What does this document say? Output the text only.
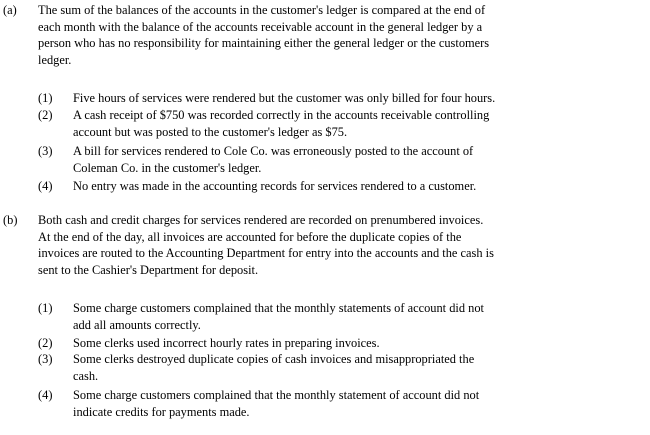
(a) The sum of the balances of the accounts in the customer's ledger is compared at the end of
each month with the balance of the accounts receivable account in the general ledger by a
person who has no responsibility for maintaining either the general ledger or the customers
ledger.
(1) Five hours of services were rendered but the customer was only billed for four hours.
(2) A cash receipt of $750 was recorded correctly in the accounts receivable controlling
account but was posted to the customer's ledger as $75.
(3) A bill for services rendered to Cole Co. was erroneously posted to the account of
Coleman Co. in the customer's ledger.
(4) No entry was made in the accounting records for services rendered to a customer.
(b) Both cash and credit charges for services rendered are recorded on prenumbered invoices.
At the end of the day, all invoices are accounted for before the duplicate copies of the
invoices are routed to the Accounting Department for entry into the accounts and the cash is
sent to the Cashier's Department for deposit.
(1) Some charge customers complained that the monthly statements of account did not
add all amounts correctly.
(2) Some clerks used incorrect hourly rates in preparing invoices.
(3) Some clerks destroyed duplicate copies of cash invoices and misappropriated the
cash.
(4) Some charge customers complained that the monthly statement of account did not
indicate credits for payments made.
